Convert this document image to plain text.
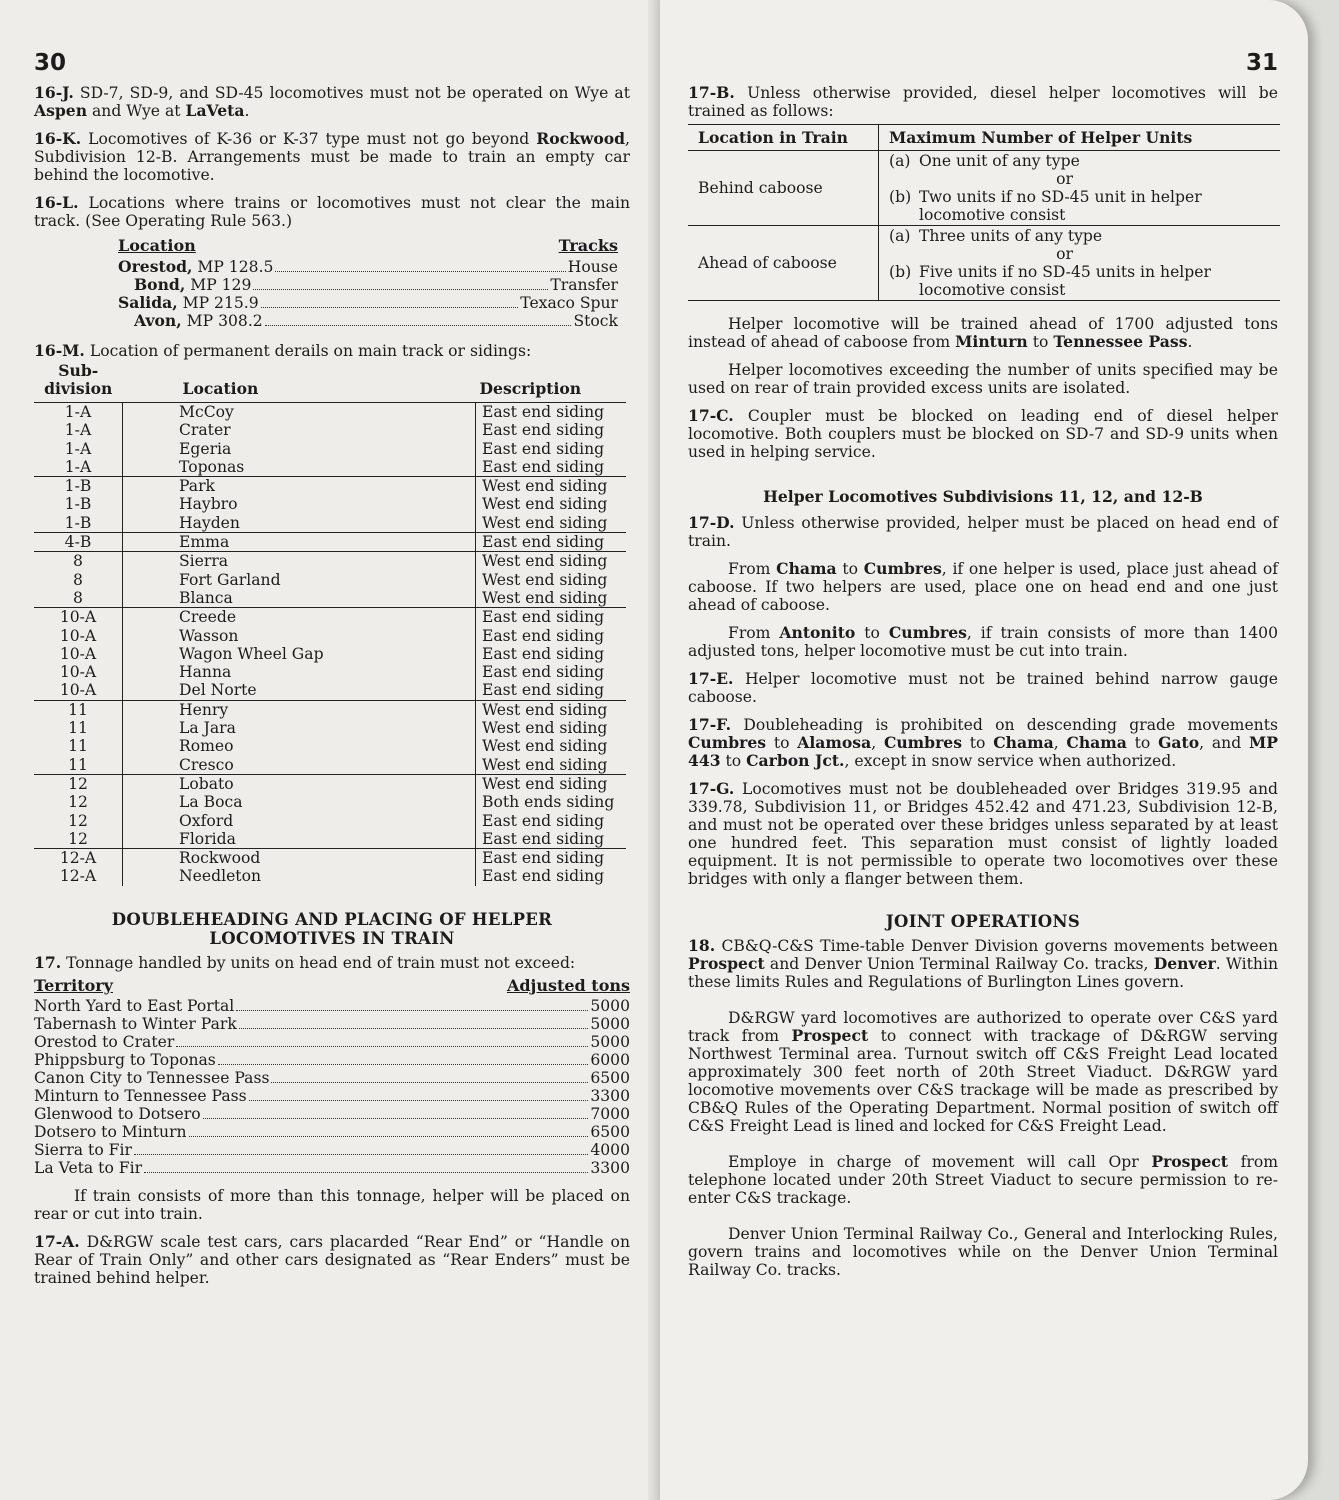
30

16-J. SD-7, SD-9, and SD-45 locomotives must not be operated on Wye at Aspen and Wye at LaVeta.

16-K. Locomotives of K-36 or K-37 type must not go beyond Rockwood, Subdivision 12-B. Arrangements must be made to train an empty car behind the locomotive.

16-L. Locations where trains or locomotives must not clear the main track. (See Operating Rule 563.)

Location	Tracks
Orestod, MP 128.5	House
Bond, MP 129	Transfer
Salida, MP 215.9	Texaco Spur
Avon, MP 308.2	Stock

16-M. Location of permanent derails on main track or sidings:

Sub-
division	Location	Description
1-A	McCoy	East end siding
1-A	Crater	East end siding
1-A	Egeria	East end siding
1-A	Toponas	East end siding
1-B	Park	West end siding
1-B	Haybro	West end siding
1-B	Hayden	West end siding
4-B	Emma	East end siding
8	Sierra	West end siding
8	Fort Garland	West end siding
8	Blanca	West end siding
10-A	Creede	East end siding
10-A	Wasson	East end siding
10-A	Wagon Wheel Gap	East end siding
10-A	Hanna	East end siding
10-A	Del Norte	East end siding
11	Henry	West end siding
11	La Jara	West end siding
11	Romeo	West end siding
11	Cresco	West end siding
12	Lobato	West end siding
12	La Boca	Both ends siding
12	Oxford	East end siding
12	Florida	East end siding
12-A	Rockwood	East end siding
12-A	Needleton	East end siding
DOUBLEHEADING AND PLACING OF HELPER LOCOMOTIVES IN TRAIN

17. Tonnage handled by units on head end of train must not exceed:

Territory	Adjusted tons
North Yard to East Portal	5000
Tabernash to Winter Park	5000
Orestod to Crater	5000
Phippsburg to Toponas	6000
Canon City to Tennessee Pass	6500
Minturn to Tennessee Pass	3300
Glenwood to Dotsero	7000
Dotsero to Minturn	6500
Sierra to Fir	4000
La Veta to Fir	3300

If train consists of more than this tonnage, helper will be placed on rear or cut into train.

17-A. D&RGW scale test cars, cars placarded “Rear End” or “Handle on Rear of Train Only” and other cars designated as “Rear Enders” must be trained behind helper.

31

17-B. Unless otherwise provided, diesel helper locomotives will be trained as follows:

Location in Train	Maximum Number of Helper Units
Behind caboose	(a) One unit of any type
or
(b) Two units if no SD-45 unit in helper locomotive consist

Ahead of caboose	(a) Three units of any type
or
(b) Five units if no SD-45 units in helper locomotive consist

Helper locomotive will be trained ahead of 1700 adjusted tons instead of ahead of caboose from Minturn to Tennessee Pass.

Helper locomotives exceeding the number of units specified may be used on rear of train provided excess units are isolated.

17-C. Coupler must be blocked on leading end of diesel helper locomotive. Both couplers must be blocked on SD-7 and SD-9 units when used in helping service.

Helper Locomotives Subdivisions 11, 12, and 12-B

17-D. Unless otherwise provided, helper must be placed on head end of train.

From Chama to Cumbres, if one helper is used, place just ahead of caboose. If two helpers are used, place one on head end and one just ahead of caboose.

From Antonito to Cumbres, if train consists of more than 1400 adjusted tons, helper locomotive must be cut into train.

17-E. Helper locomotive must not be trained behind narrow gauge caboose.

17-F. Doubleheading is prohibited on descending grade movements Cumbres to Alamosa, Cumbres to Chama, Chama to Gato, and MP 443 to Carbon Jct., except in snow service when authorized.

17-G. Locomotives must not be doubleheaded over Bridges 319.95 and 339.78, Subdivision 11, or Bridges 452.42 and 471.23, Subdivision 12-B, and must not be operated over these bridges unless separated by at least one hundred feet. This separation must consist of lightly loaded equipment. It is not permissible to operate two locomotives over these bridges with only a flanger between them.

JOINT OPERATIONS

18. CB&Q-C&S Time-table Denver Division governs movements between Prospect and Denver Union Terminal Railway Co. tracks, Denver. Within these limits Rules and Regulations of Burlington Lines govern.

D&RGW yard locomotives are authorized to operate over C&S yard track from Prospect to connect with trackage of D&RGW serving Northwest Terminal area. Turnout switch off C&S Freight Lead located approximately 300 feet north of 20th Street Viaduct. D&RGW yard locomotive movements over C&S trackage will be made as prescribed by CB&Q Rules of the Operating Department. Normal position of switch off C&S Freight Lead is lined and locked for C&S Freight Lead.

Employe in charge of movement will call Opr Prospect from telephone located under 20th Street Viaduct to secure permission to re-enter C&S trackage.

Denver Union Terminal Railway Co., General and Interlocking Rules, govern trains and locomotives while on the Denver Union Terminal Railway Co. tracks.
